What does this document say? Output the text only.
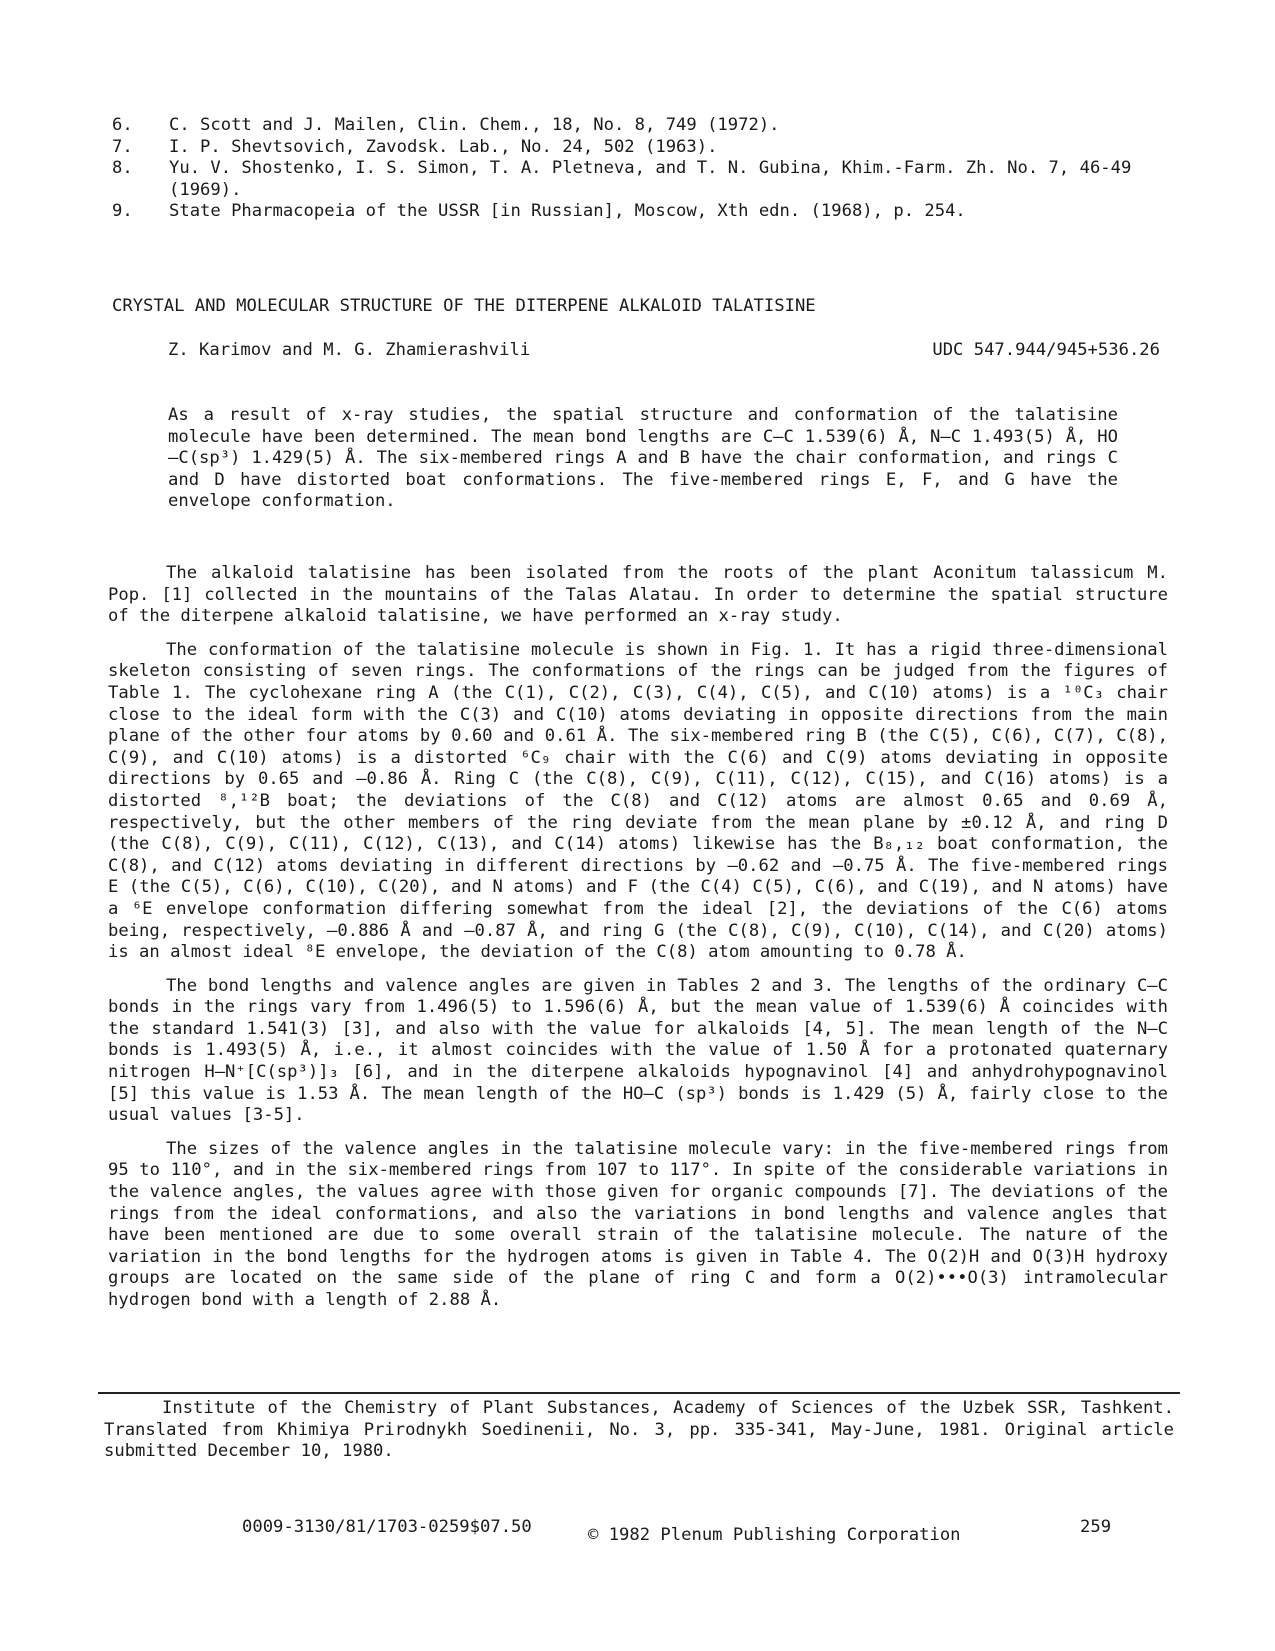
6.	C. Scott and J. Mailen, Clin. Chem., 18, No. 8, 749 (1972).
7.	I. P. Shevtsovich, Zavodsk. Lab., No. 24, 502 (1963).
8.	Yu. V. Shostenko, I. S. Simon, T. A. Pletneva, and T. N. Gubina, Khim.-Farm. Zh. No. 7, 46-49 (1969).
9.	State Pharmacopeia of the USSR [in Russian], Moscow, Xth edn. (1968), p. 254.
CRYSTAL AND MOLECULAR STRUCTURE OF THE DITERPENE ALKALOID TALATISINE
Z. Karimov and M. G. Zhamierashvili	UDC 547.944/945+536.26

As a result of x-ray studies, the spatial structure and conformation of the talatisine molecule have been determined. The mean bond lengths are C—C 1.539(6) Å, N—C 1.493(5) Å, HO—C(sp³) 1.429(5) Å. The six-membered rings A and B have the chair conformation, and rings C and D have distorted boat conformations. The five-membered rings E, F, and G have the envelope conformation.

The alkaloid talatisine has been isolated from the roots of the plant Aconitum talassicum M. Pop. [1] collected in the mountains of the Talas Alatau. In order to determine the spatial structure of the diterpene alkaloid talatisine, we have performed an x-ray study.

The conformation of the talatisine molecule is shown in Fig. 1. It has a rigid three-dimensional skeleton consisting of seven rings. The conformations of the rings can be judged from the figures of Table 1. The cyclohexane ring A (the C(1), C(2), C(3), C(4), C(5), and C(10) atoms) is a ¹⁰C₃ chair close to the ideal form with the C(3) and C(10) atoms deviating in opposite directions from the main plane of the other four atoms by 0.60 and 0.61 Å. The six-membered ring B (the C(5), C(6), C(7), C(8), C(9), and C(10) atoms) is a distorted ⁶C₉ chair with the C(6) and C(9) atoms deviating in opposite directions by 0.65 and —0.86 Å. Ring C (the C(8), C(9), C(11), C(12), C(15), and C(16) atoms) is a distorted ⁸,¹²B boat; the deviations of the C(8) and C(12) atoms are almost 0.65 and 0.69 Å, respectively, but the other members of the ring deviate from the mean plane by ±0.12 Å, and ring D (the C(8), C(9), C(11), C(12), C(13), and C(14) atoms) likewise has the B₈,₁₂ boat conformation, the C(8), and C(12) atoms deviating in different directions by —0.62 and —0.75 Å. The five-membered rings E (the C(5), C(6), C(10), C(20), and N atoms) and F (the C(4) C(5), C(6), and C(19), and N atoms) have a ⁶E envelope conformation differing somewhat from the ideal [2], the deviations of the C(6) atoms being, respectively, —0.886 Å and —0.87 Å, and ring G (the C(8), C(9), C(10), C(14), and C(20) atoms) is an almost ideal ⁸E envelope, the deviation of the C(8) atom amounting to 0.78 Å.

The bond lengths and valence angles are given in Tables 2 and 3. The lengths of the ordinary C—C bonds in the rings vary from 1.496(5) to 1.596(6) Å, but the mean value of 1.539(6) Å coincides with the standard 1.541(3) [3], and also with the value for alkaloids [4, 5]. The mean length of the N—C bonds is 1.493(5) Å, i.e., it almost coincides with the value of 1.50 Å for a protonated quaternary nitrogen H—N⁺[C(sp³)]₃ [6], and in the diterpene alkaloids hypognavinol [4] and anhydrohypognavinol [5] this value is 1.53 Å. The mean length of the HO—C (sp³) bonds is 1.429 (5) Å, fairly close to the usual values [3-5].

The sizes of the valence angles in the talatisine molecule vary: in the five-membered rings from 95 to 110°, and in the six-membered rings from 107 to 117°. In spite of the considerable variations in the valence angles, the values agree with those given for organic compounds [7]. The deviations of the rings from the ideal conformations, and also the variations in bond lengths and valence angles that have been mentioned are due to some overall strain of the talatisine molecule. The nature of the variation in the bond lengths for the hydrogen atoms is given in Table 4. The O(2)H and O(3)H hydroxy groups are located on the same side of the plane of ring C and form a O(2)•••O(3) intramolecular hydrogen bond with a length of 2.88 Å.

Institute of the Chemistry of Plant Substances, Academy of Sciences of the Uzbek SSR, Tashkent. Translated from Khimiya Prirodnykh Soedinenii, No. 3, pp. 335-341, May-June, 1981. Original article submitted December 10, 1980.

0009-3130/81/1703-0259$07.50	© 1982 Plenum Publishing Corporation	259
